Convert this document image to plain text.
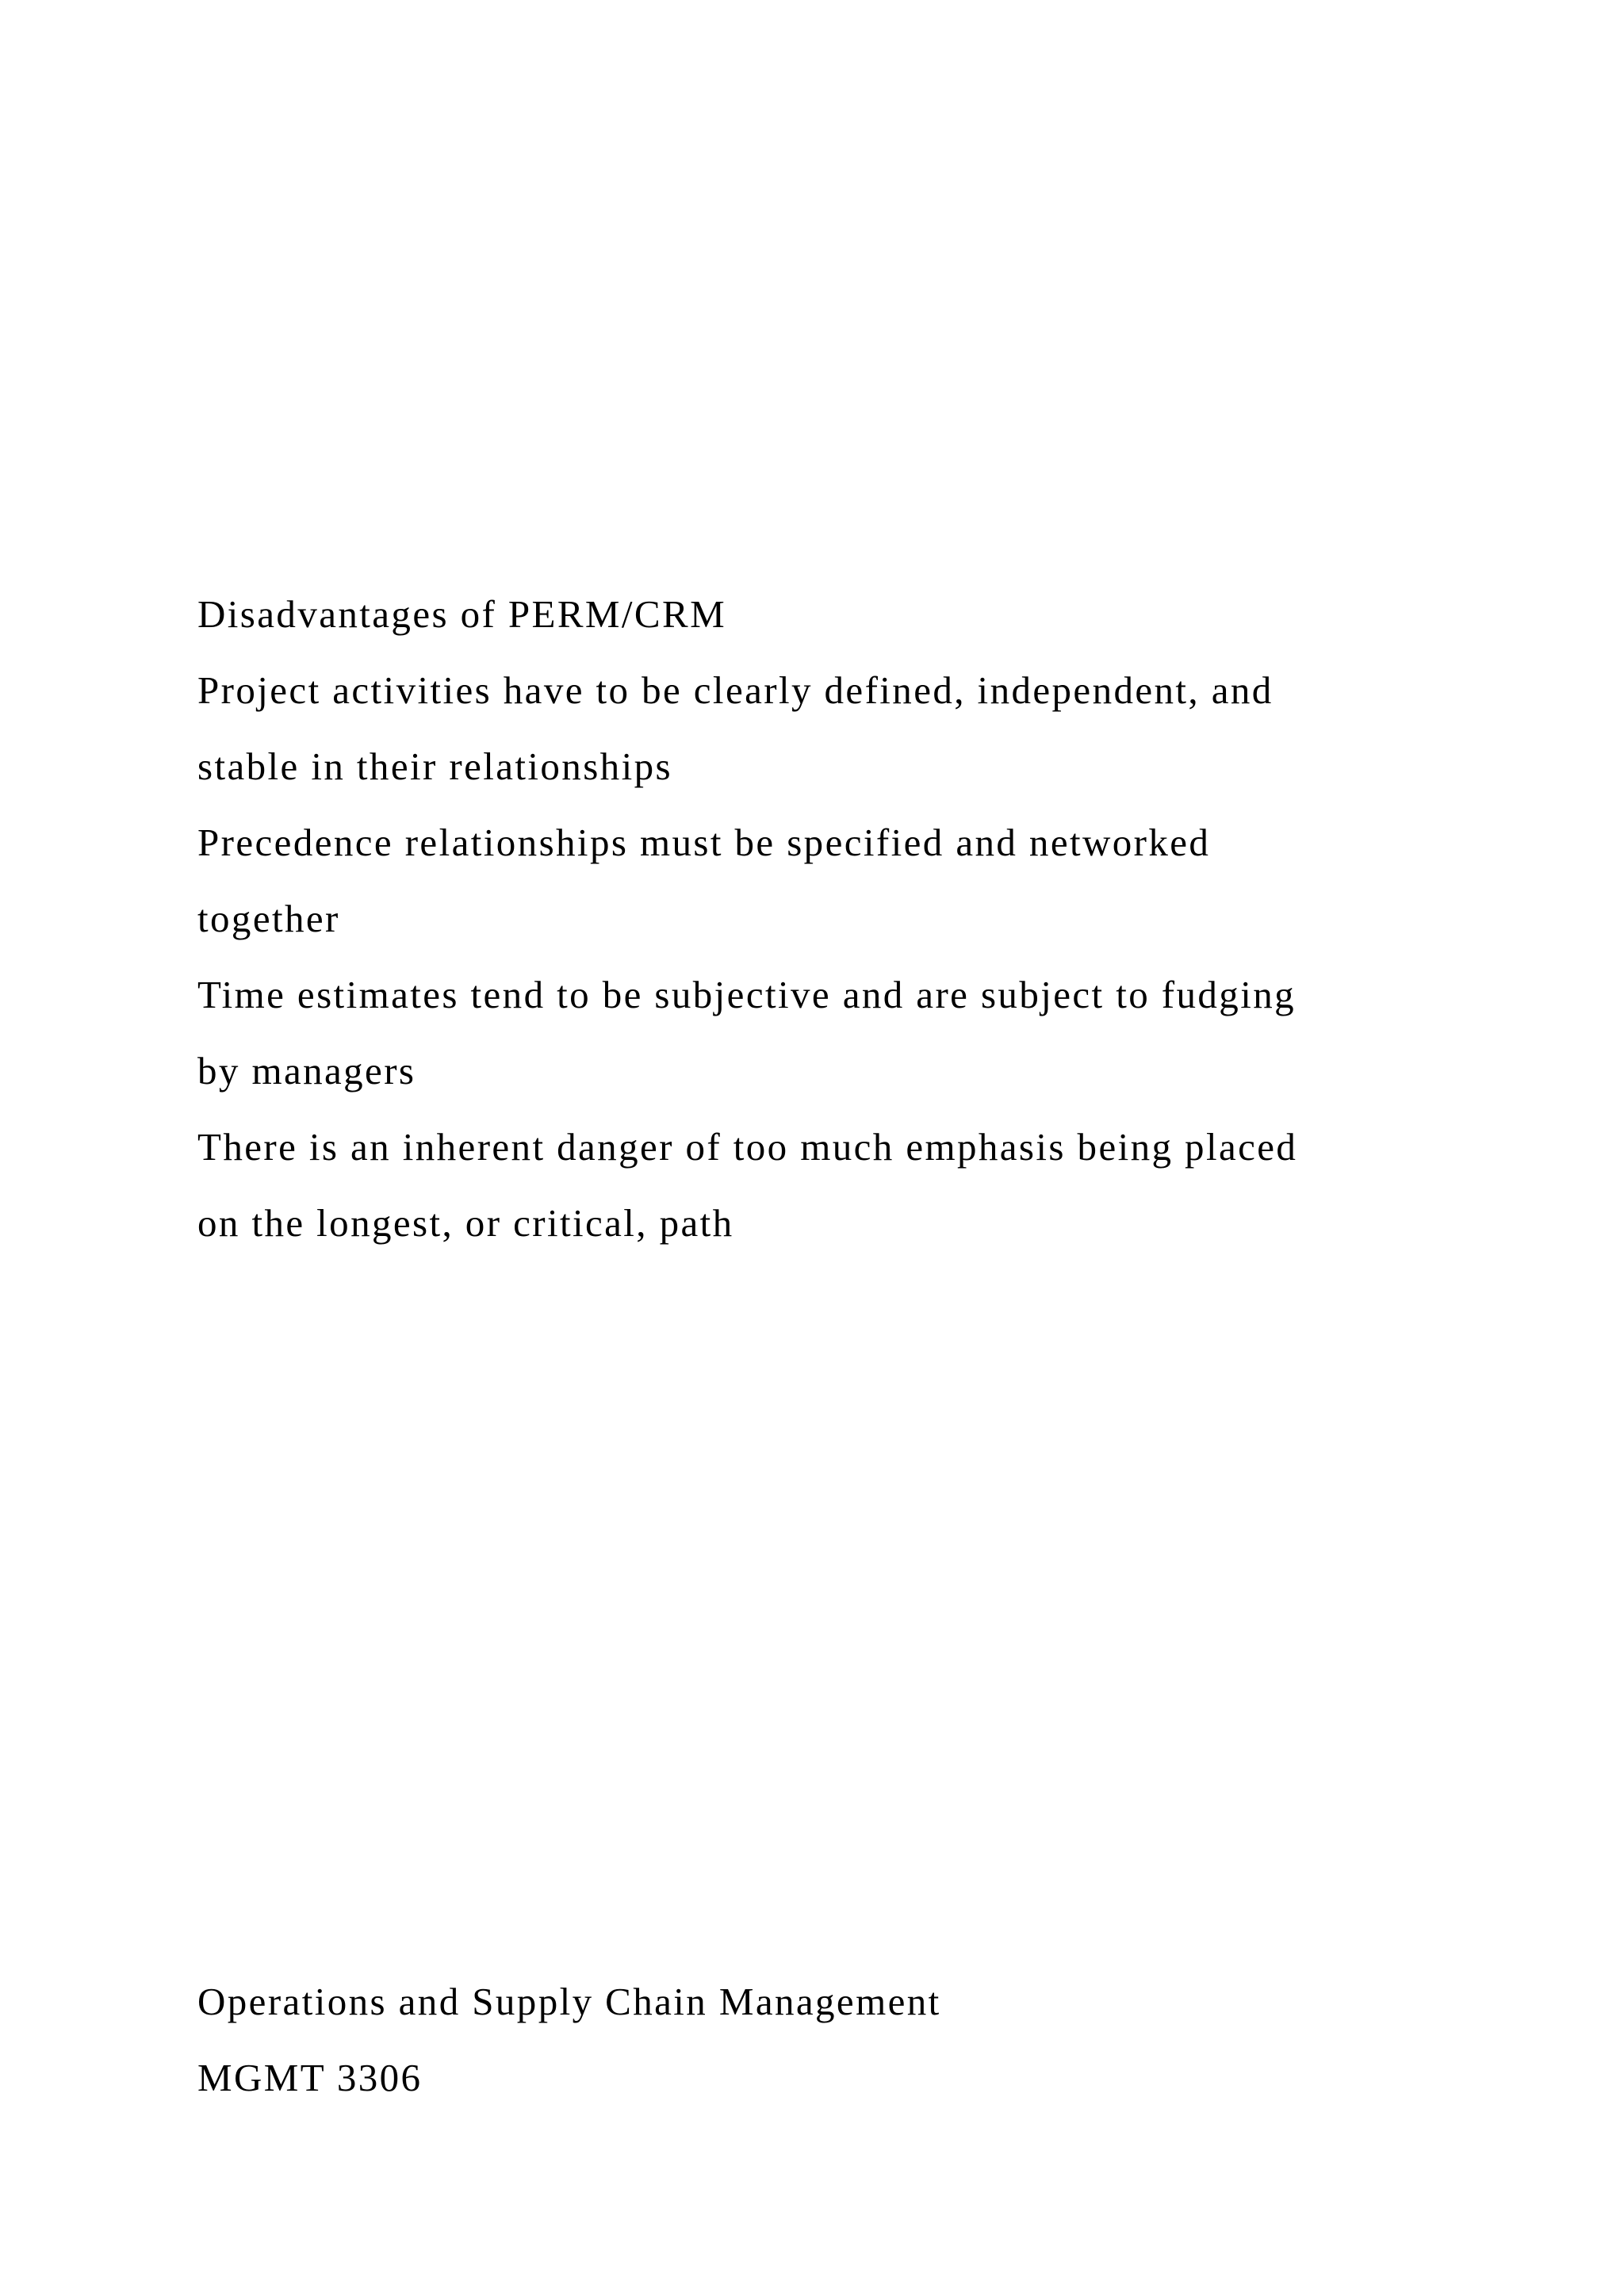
Disadvantages of PERM/CRM

Project activities have to be clearly defined, independent, and

stable in their relationships

Precedence relationships must be specified and networked

together

Time estimates tend to be subjective and are subject to fudging

by managers

There is an inherent danger of too much emphasis being placed

on the longest, or critical, path

Operations and Supply Chain Management

MGMT 3306
